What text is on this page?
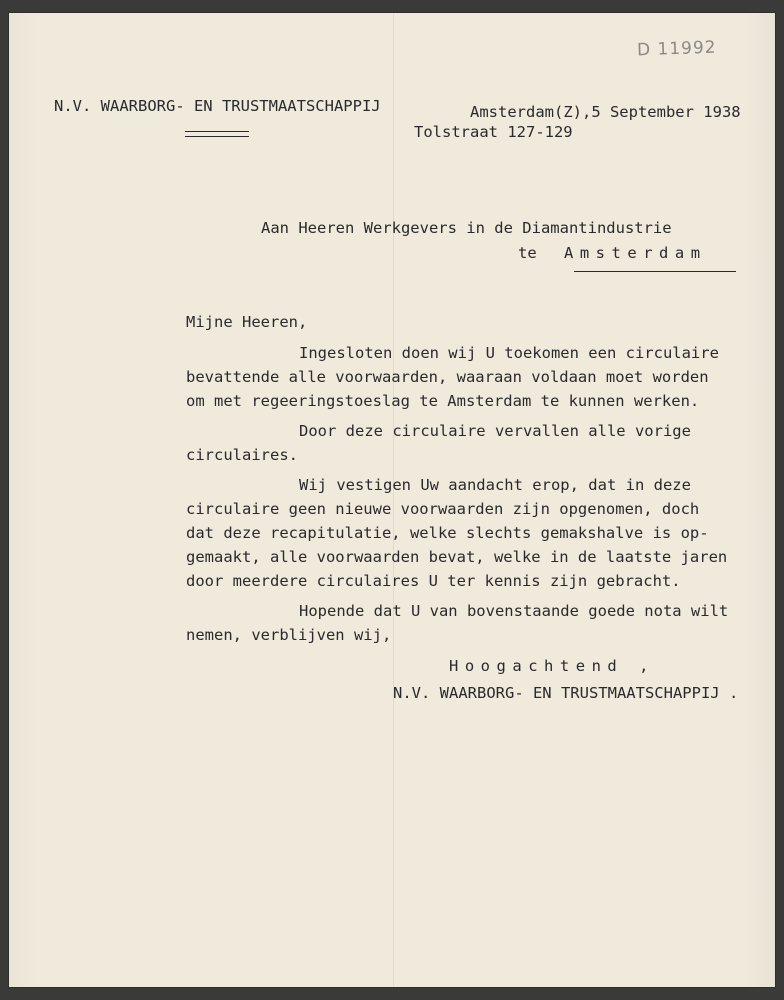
D 11992
N.V. WAARBORG- EN TRUSTMAATSCHAPPIJ	Amsterdam(Z),5 September 1938
Tolstraat 127-129
Aan Heeren Werkgevers in de Diamantindustrie
te Amsterdam
Mijne Heeren,
Ingesloten doen wij U toekomen een circulaire
bevattende alle voorwaarden, waaraan voldaan moet worden
om met regeeringstoeslag te Amsterdam te kunnen werken.
Door deze circulaire vervallen alle vorige
circulaires.
Wij vestigen Uw aandacht erop, dat in deze
circulaire geen nieuwe voorwaarden zijn opgenomen, doch
dat deze recapitulatie, welke slechts gemakshalve is op-
gemaakt, alle voorwaarden bevat, welke in de laatste jaren
door meerdere circulaires U ter kennis zijn gebracht.
Hopende dat U van bovenstaande goede nota wilt
nemen, verblijven wij,
Hoogachtend ,
N.V. WAARBORG- EN TRUSTMAATSCHAPPIJ .
